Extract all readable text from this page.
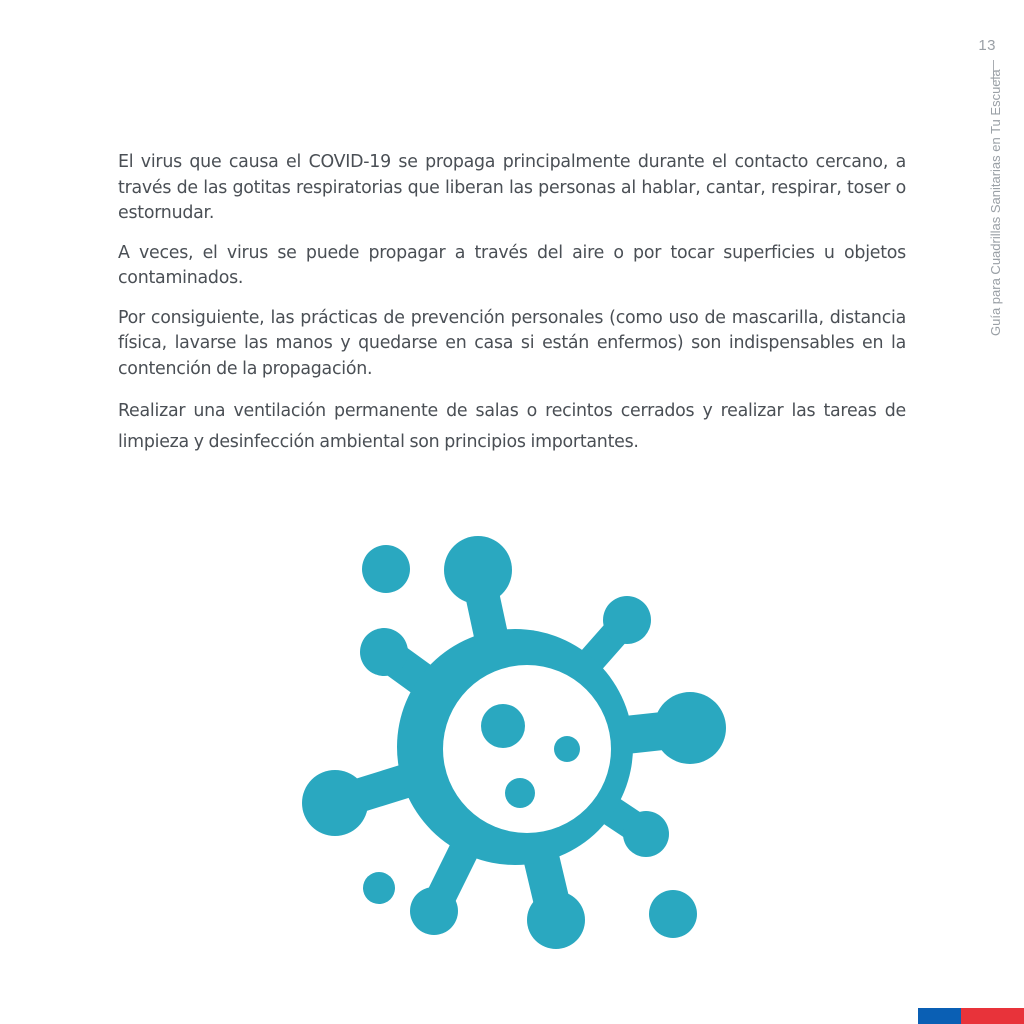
13
Guía para Cuadrillas Sanitarias en Tu Escuela

El virus que causa el COVID-19 se propaga principalmente durante el contacto cercano, a través de las gotitas respiratorias que liberan las personas al hablar, cantar, respirar, toser o estornudar.

A veces, el virus se puede propagar a través del aire o por tocar superficies u objetos contaminados.

Por consiguiente, las prácticas de prevención personales (como uso de mascarilla, distancia física, lavarse las manos y quedarse en casa si están enfermos) son indispensables en la contención de la propagación.

Realizar una ventilación permanente de salas o recintos cerrados y realizar las tareas de limpieza y desinfección ambiental son principios importantes.
